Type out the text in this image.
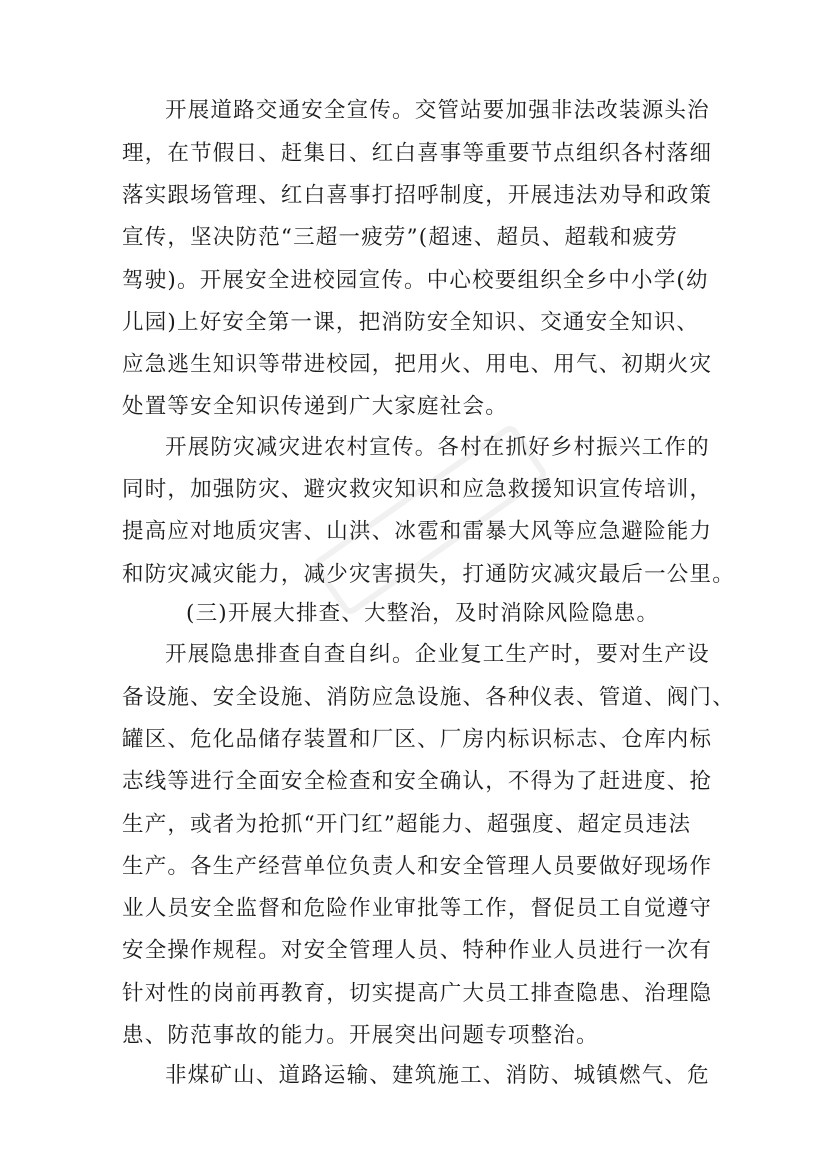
开展道路交通安全宣传。交管站要加强非法改装源头治
理，在节假日、赶集日、红白喜事等重要节点组织各村落细
落实跟场管理、红白喜事打招呼制度，开展违法劝导和政策
宣传，坚决防范“三超一疲劳”(超速、超员、超载和疲劳
驾驶)。开展安全进校园宣传。中心校要组织全乡中小学(幼
儿园)上好安全第一课，把消防安全知识、交通安全知识、
应急逃生知识等带进校园，把用火、用电、用气、初期火灾
处置等安全知识传递到广大家庭社会。
开展防灾减灾进农村宣传。各村在抓好乡村振兴工作的
同时，加强防灾、避灾救灾知识和应急救援知识宣传培训，
提高应对地质灾害、山洪、冰雹和雷暴大风等应急避险能力
和防灾减灾能力，减少灾害损失，打通防灾减灾最后一公里。
(三)开展大排查、大整治，及时消除风险隐患。
开展隐患排查自查自纠。企业复工生产时，要对生产设
备设施、安全设施、消防应急设施、各种仪表、管道、阀门、
罐区、危化品储存装置和厂区、厂房内标识标志、仓库内标
志线等进行全面安全检查和安全确认，不得为了赶进度、抢
生产，或者为抢抓“开门红”超能力、超强度、超定员违法
生产。各生产经营单位负责人和安全管理人员要做好现场作
业人员安全监督和危险作业审批等工作，督促员工自觉遵守
安全操作规程。对安全管理人员、特种作业人员进行一次有
针对性的岗前再教育，切实提高广大员工排查隐患、治理隐
患、防范事故的能力。开展突出问题专项整治。
非煤矿山、道路运输、建筑施工、消防、城镇燃气、危
